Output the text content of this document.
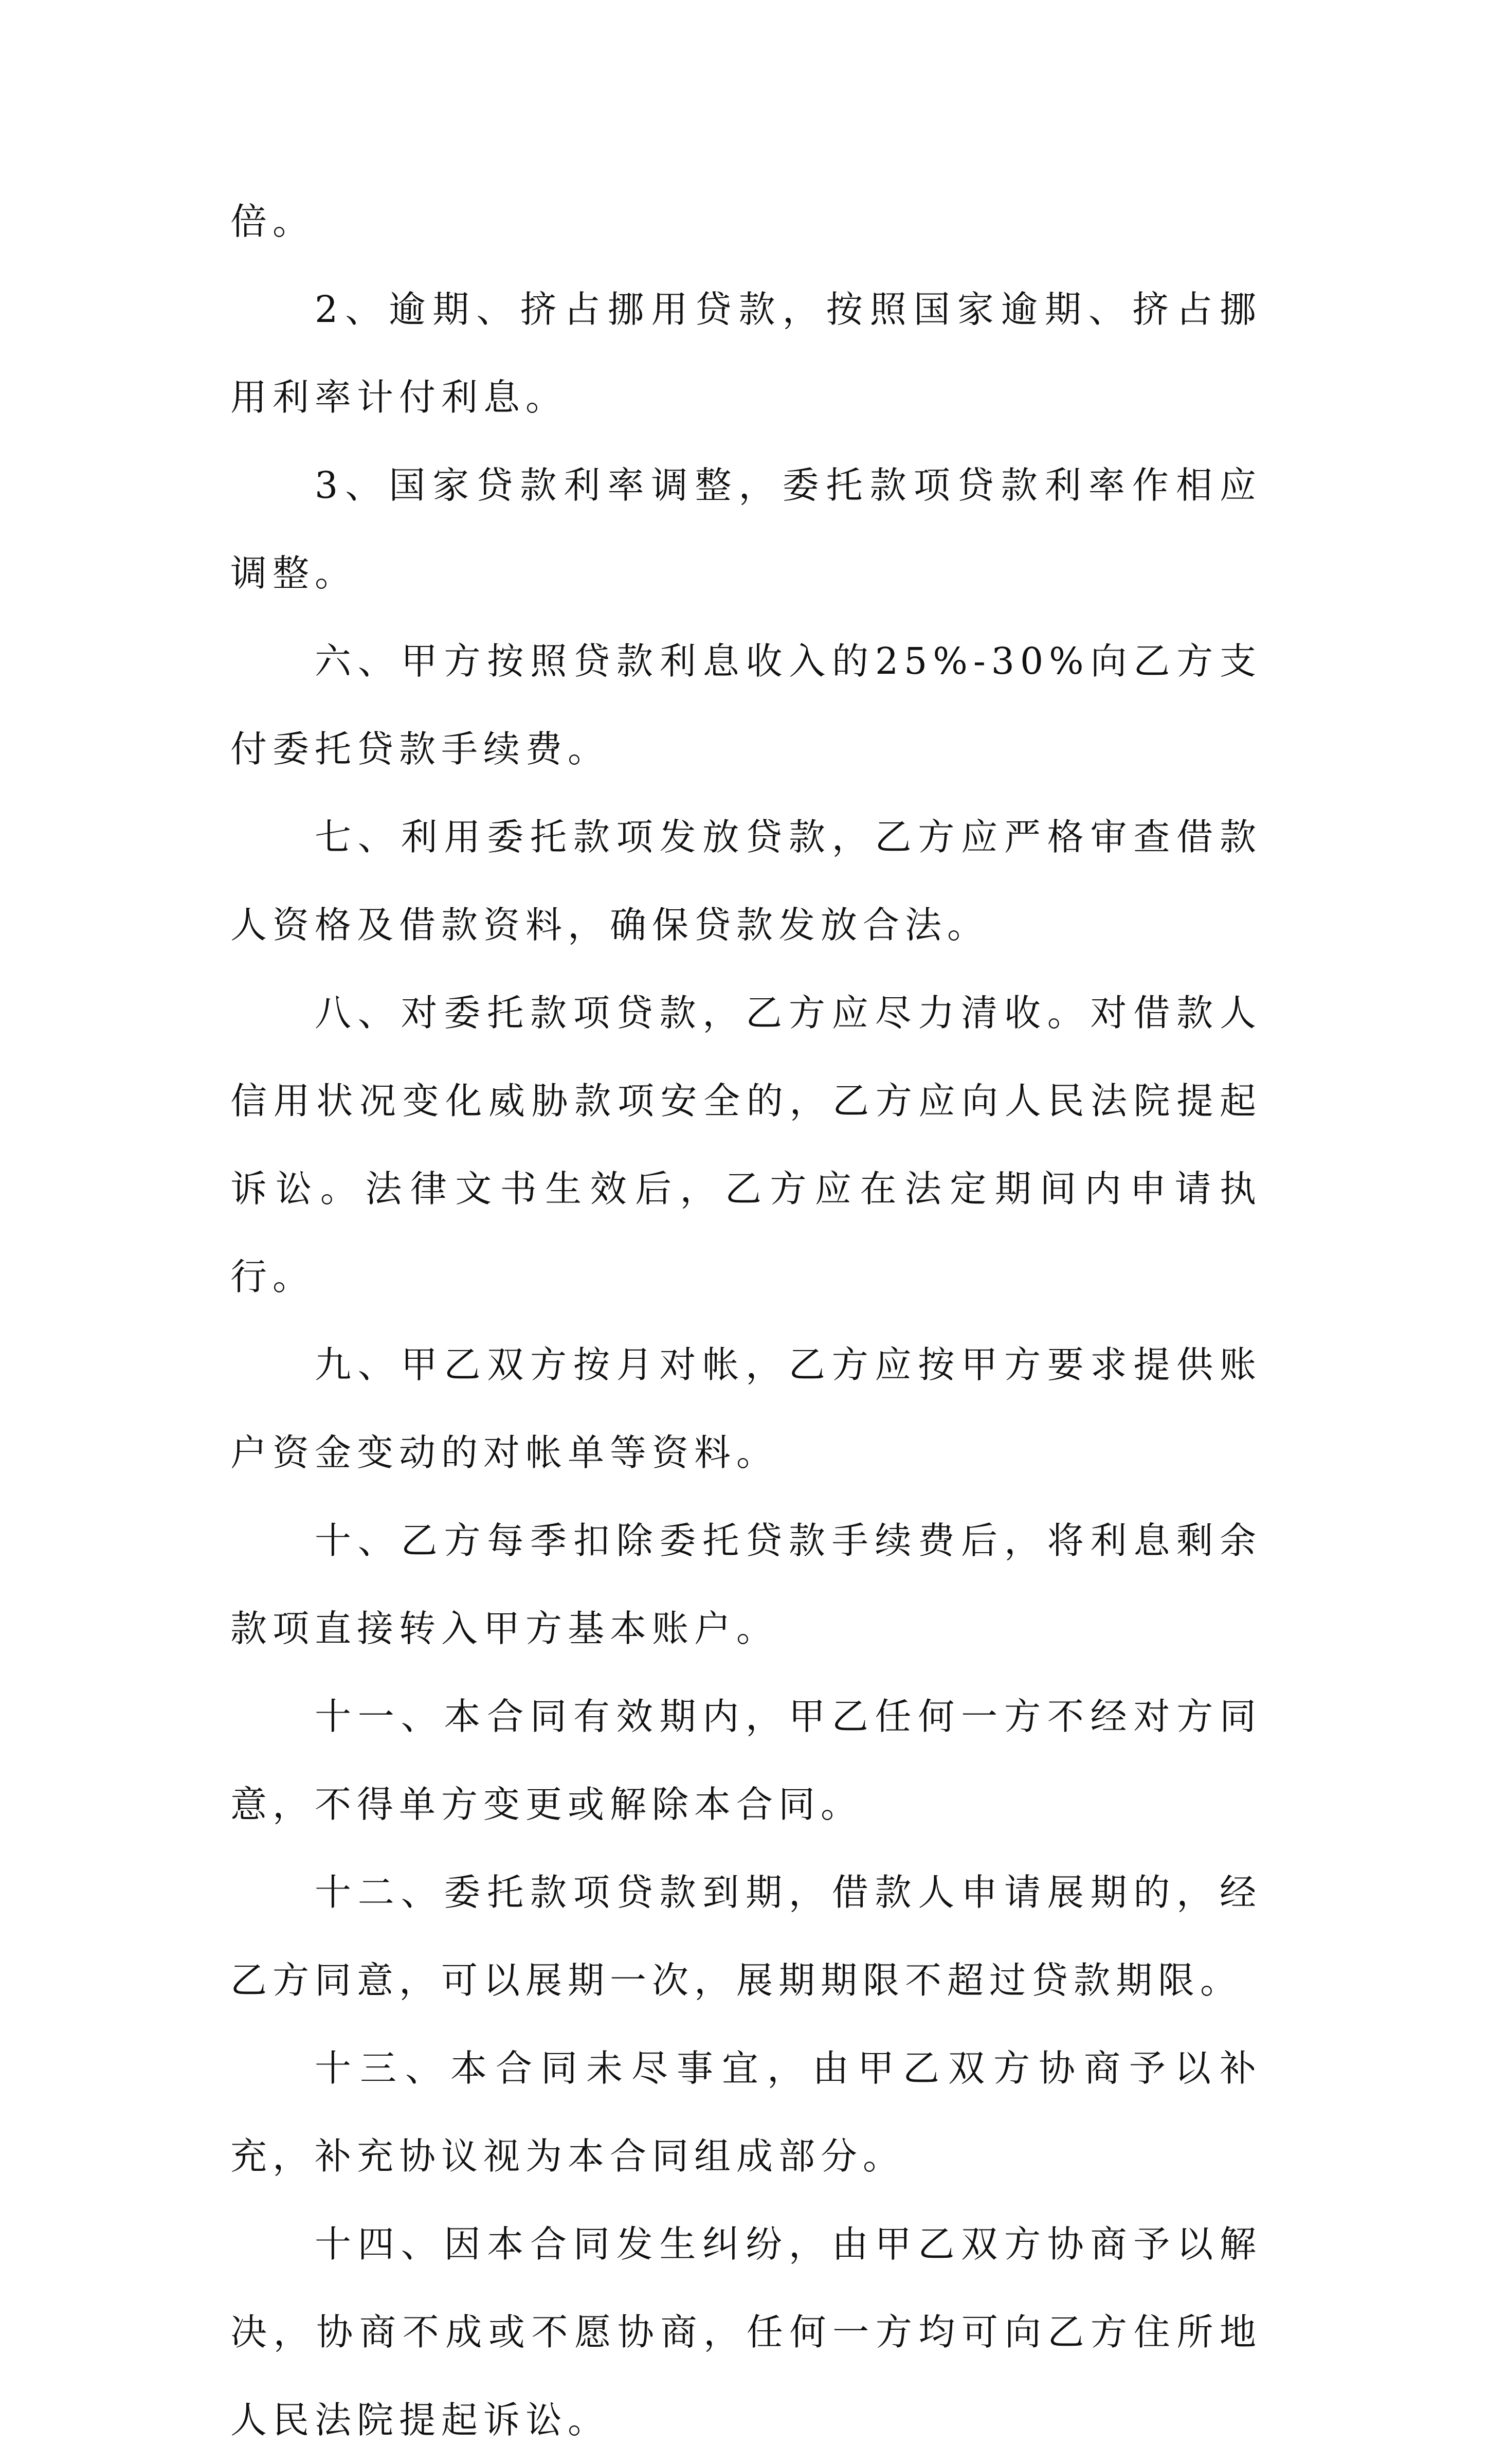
倍。

2、逾期、挤占挪用贷款，按照国家逾期、挤占挪用利率计付利息。

3、国家贷款利率调整，委托款项贷款利率作相应调整。

六、甲方按照贷款利息收入的25%-30%向乙方支付委托贷款手续费。

七、利用委托款项发放贷款，乙方应严格审查借款人资格及借款资料，确保贷款发放合法。

八、对委托款项贷款，乙方应尽力清收。对借款人信用状况变化威胁款项安全的，乙方应向人民法院提起诉讼。法律文书生效后，乙方应在法定期间内申请执行。

九、甲乙双方按月对帐，乙方应按甲方要求提供账户资金变动的对帐单等资料。

十、乙方每季扣除委托贷款手续费后，将利息剩余款项直接转入甲方基本账户。

十一、本合同有效期内，甲乙任何一方不经对方同意，不得单方变更或解除本合同。

十二、委托款项贷款到期，借款人申请展期的，经乙方同意，可以展期一次，展期期限不超过贷款期限。

十三、本合同未尽事宜，由甲乙双方协商予以补充，补充协议视为本合同组成部分。

十四、因本合同发生纠纷，由甲乙双方协商予以解决，协商不成或不愿协商，任何一方均可向乙方住所地人民法院提起诉讼。
